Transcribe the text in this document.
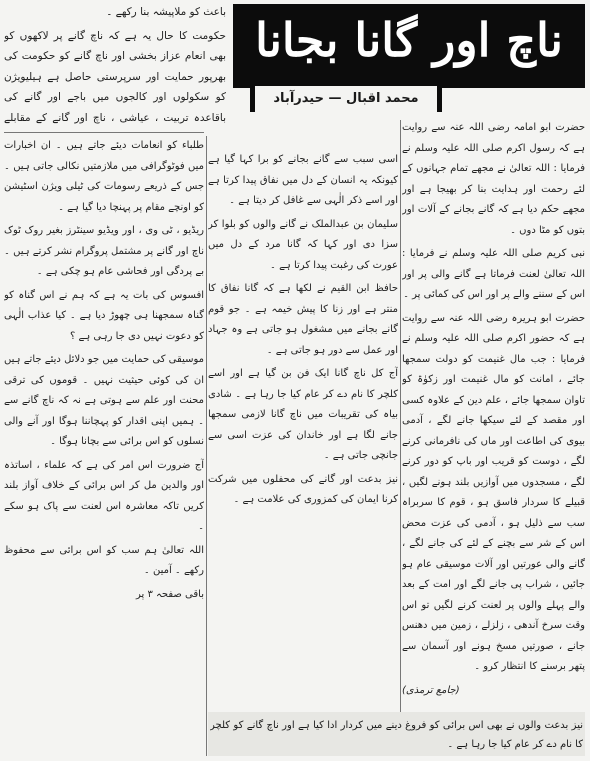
ناچ اور گانا بجانا
محمد اقبال — حیدرآباد

باعث کو ملاپیشہ بنا رکھے ۔

حکومت کا حال یہ ہے کہ ناچ گانے پر لاکھوں کو بھی انعام عزاز بخشی اور ناچ گانے کو حکومت کی بھرپور حمایت اور سرپرستی حاصل ہے ہیلیویژن کو سکولوں اور کالجوں میں باجے اور گانے کی باقاعدہ تربیت ، عیاشی ، ناچ اور گانے کے مقابلے

حضرت ابو امامہ رضی اللہ عنہ سے روایت ہے کہ رسول اکرم صلی اللہ علیہ وسلم نے فرمایا : اللہ تعالیٰ نے مجھے تمام جہانوں کے لئے رحمت اور ہدایت بنا کر بھیجا ہے اور مجھے حکم دیا ہے کہ گانے بجانے کے آلات اور بتوں کو مٹا دوں ۔

نبی کریم صلی اللہ علیہ وسلم نے فرمایا : اللہ تعالیٰ لعنت فرماتا ہے گانے والی پر اور اس کے سننے والے پر اور اس کی کمائی پر ۔

حضرت ابو ہریرہ رضی اللہ عنہ سے روایت ہے کہ حضور اکرم صلی اللہ علیہ وسلم نے فرمایا : جب مال غنیمت کو دولت سمجھا جائے ، امانت کو مال غنیمت اور زکوٰۃ کو تاوان سمجھا جائے ، علم دین کے علاوہ کسی اور مقصد کے لئے سیکھا جانے لگے ، آدمی بیوی کی اطاعت اور ماں کی نافرمانی کرنے لگے ، دوست کو قریب اور باپ کو دور کرنے لگے ، مسجدوں میں آوازیں بلند ہونے لگیں ، قبیلے کا سردار فاسق ہو ، قوم کا سربراہ سب سے ذلیل ہو ، آدمی کی عزت محض اس کے شر سے بچنے کے لئے کی جانے لگے ، گانے والی عورتیں اور آلات موسیقی عام ہو جائیں ، شراب پی جانے لگے اور امت کے بعد والے پہلے والوں پر لعنت کرنے لگیں تو اس وقت سرخ آندھی ، زلزلے ، زمین میں دھنس جانے ، صورتیں مسخ ہونے اور آسمان سے پتھر برسنے کا انتظار کرو ۔

(جامع ترمذی)

اسی سبب سے گانے بجانے کو برا کہا گیا ہے کیونکہ یہ انسان کے دل میں نفاق پیدا کرتا ہے اور اسے ذکر الٰہی سے غافل کر دیتا ہے ۔

سلیمان بن عبدالملک نے گانے والوں کو بلوا کر سزا دی اور کہا کہ گانا مرد کے دل میں عورت کی رغبت پیدا کرتا ہے ۔

حافظ ابن القیم نے لکھا ہے کہ گانا نفاق کا منتر ہے اور زنا کا پیش خیمہ ہے ۔ جو قوم گانے بجانے میں مشغول ہو جاتی ہے وہ جہاد اور عمل سے دور ہو جاتی ہے ۔

آج کل ناچ گانا ایک فن بن گیا ہے اور اسے کلچر کا نام دے کر عام کیا جا رہا ہے ۔ شادی بیاہ کی تقریبات میں ناچ گانا لازمی سمجھا جانے لگا ہے اور خاندان کی عزت اسی سے جانچی جاتی ہے ۔

نیز بدعت اور گانے کی محفلوں میں شرکت کرنا ایمان کی کمزوری کی علامت ہے ۔

طلباء کو انعامات دیئے جاتے ہیں ۔ ان اخبارات میں فوٹوگرافی میں ملازمتیں نکالی جاتی ہیں ۔ جس کے ذریعے رسومات کی ٹیلی ویژن اسٹیشن کو اونچے مقام پر پہنچا دیا گیا ہے ۔

ریڈیو ، ٹی وی ، اور ویڈیو سینٹرز بغیر روک ٹوک ناچ اور گانے پر مشتمل پروگرام نشر کرتے ہیں ۔ بے پردگی اور فحاشی عام ہو چکی ہے ۔

افسوس کی بات یہ ہے کہ ہم نے اس گناہ کو گناہ سمجھنا ہی چھوڑ دیا ہے ۔ کیا عذاب الٰہی کو دعوت نہیں دی جا رہی ہے ؟

موسیقی کی حمایت میں جو دلائل دیئے جاتے ہیں ان کی کوئی حیثیت نہیں ۔ قوموں کی ترقی محنت اور علم سے ہوتی ہے نہ کہ ناچ گانے سے ۔ ہمیں اپنی اقدار کو پہچاننا ہوگا اور آنے والی نسلوں کو اس برائی سے بچانا ہوگا ۔

آج ضرورت اس امر کی ہے کہ علماء ، اساتذہ اور والدین مل کر اس برائی کے خلاف آواز بلند کریں تاکہ معاشرہ اس لعنت سے پاک ہو سکے ۔

اللہ تعالیٰ ہم سب کو اس برائی سے محفوظ رکھے ۔ آمین ۔

باقی صفحہ ۳ پر

نیز بدعت والوں نے بھی اس برائی کو فروغ دینے میں کردار ادا کیا ہے اور ناچ گانے کو کلچر کا نام دے کر عام کیا جا رہا ہے ۔
